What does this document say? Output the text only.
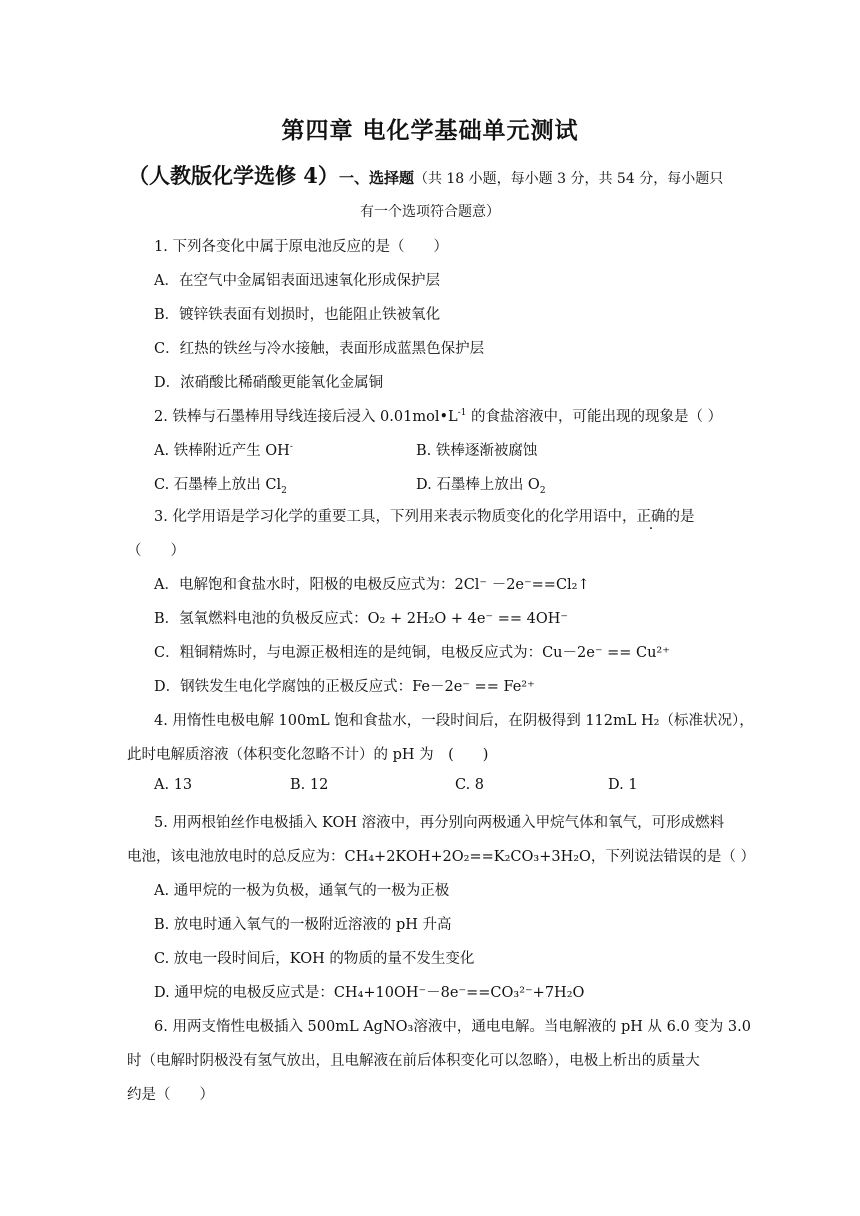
第四章 电化学基础单元测试
（人教版化学选修 4）一、选择题（共 18 小题，每小题 3 分，共 54 分，每小题只
有一个选项符合题意）
1. 下列各变化中属于原电池反应的是（　　）
A．在空气中金属铝表面迅速氧化形成保护层
B．镀锌铁表面有划损时，也能阻止铁被氧化
C．红热的铁丝与冷水接触，表面形成蓝黑色保护层
D．浓硝酸比稀硝酸更能氧化金属铜
2. 铁棒与石墨棒用导线连接后浸入 $0.01mol•L^{-1}$ 的食盐溶液中，可能出现的现象是（ ）
A. 铁棒附近产生 OH-	B. 铁棒逐渐被腐蚀
C. 石墨棒上放出 $Cl_2$	D. 石墨棒上放出 $O_2$
3. 化学用语是学习化学的重要工具，下列用来表示物质变化的化学用语中，正确的是
（　　）
A．电解饱和食盐水时，阳极的电极反应式为：2Cl⁻ －2e⁻==Cl₂↑
B．氢氧燃料电池的负极反应式：O₂ + 2H₂O + 4e⁻ == 4OH⁻
C．粗铜精炼时，与电源正极相连的是纯铜，电极反应式为：Cu－2e⁻ == Cu²⁺
D．钢铁发生电化学腐蚀的正极反应式：Fe－2e⁻ == Fe²⁺
4. 用惰性电极电解 100mL 饱和食盐水，一段时间后，在阴极得到 112mL H₂（标准状况），
此时电解质溶液（体积变化忽略不计）的 pH 为　(　　)
A. 13	B. 12	C. 8	D. 1
5. 用两根铂丝作电极插入 KOH 溶液中，再分别向两极通入甲烷气体和氧气，可形成燃料
电池，该电池放电时的总反应为：CH₄+2KOH+2O₂==K₂CO₃+3H₂O，下列说法错误的是（ ）
A. 通甲烷的一极为负极，通氧气的一极为正极
B. 放电时通入氧气的一极附近溶液的 pH 升高
C. 放电一段时间后，KOH 的物质的量不发生变化
D. 通甲烷的电极反应式是：CH₄+10OH⁻－8e⁻==CO₃²⁻+7H₂O
6. 用两支惰性电极插入 500mL AgNO₃溶液中，通电电解。当电解液的 pH 从 6.0 变为 3.0
时（电解时阴极没有氢气放出，且电解液在前后体积变化可以忽略），电极上析出的质量大
约是（　　）
